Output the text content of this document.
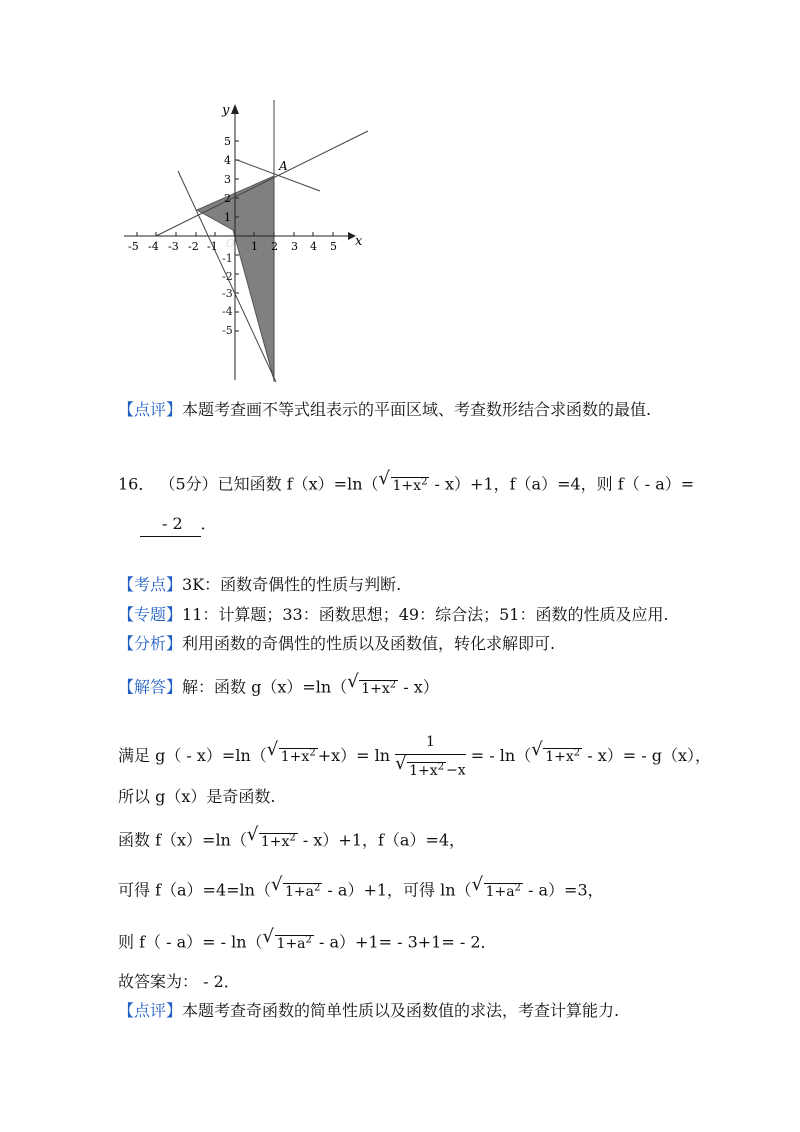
y
x
O
A
-5 -4 -3 -2 -1	1 2 3 4 5
1
2
3
4
5
-1
-2
-3
-4
-5
【点评】本题考查画不等式组表示的平面区域、考查数形结合求函数的最值.
16． （5分）已知函数 f（x）=ln（ √ $1+x^2 - x)+1$，f（a）=4，则 f（ - a）=
- 2 ．
【考点】3K：函数奇偶性的性质与判断.
【专题】11：计算题；33：函数思想；49：综合法；51：函数的性质及应用.
【分析】利用函数的奇偶性的性质以及函数值，转化求解即可.
【解答】解：函数 g（x）=ln（ √ $1+x^2 - x$）
满足 g（ - x）=ln（ √ $1+x^2 +x)= \ln 1$
√ $1+x^2 -x$ = - ln（ √ $1+x^2 - x)= - g(x)$，
所以 g（x）是奇函数.
函数 f（x）=ln（ √ $1+x^2 - x)+1$，f（a）=4，
可得 f（a）=4=ln（ √ $1+a^2 - a)+1$，可得 ln（ √ $1+a^2 - a)=3$，
则 f（ - a）= - ln（ √ $1+a^2 - a)+1= - 3+1= - 2$．
故答案为： - 2．
【点评】本题考查奇函数的简单性质以及函数值的求法，考查计算能力.
